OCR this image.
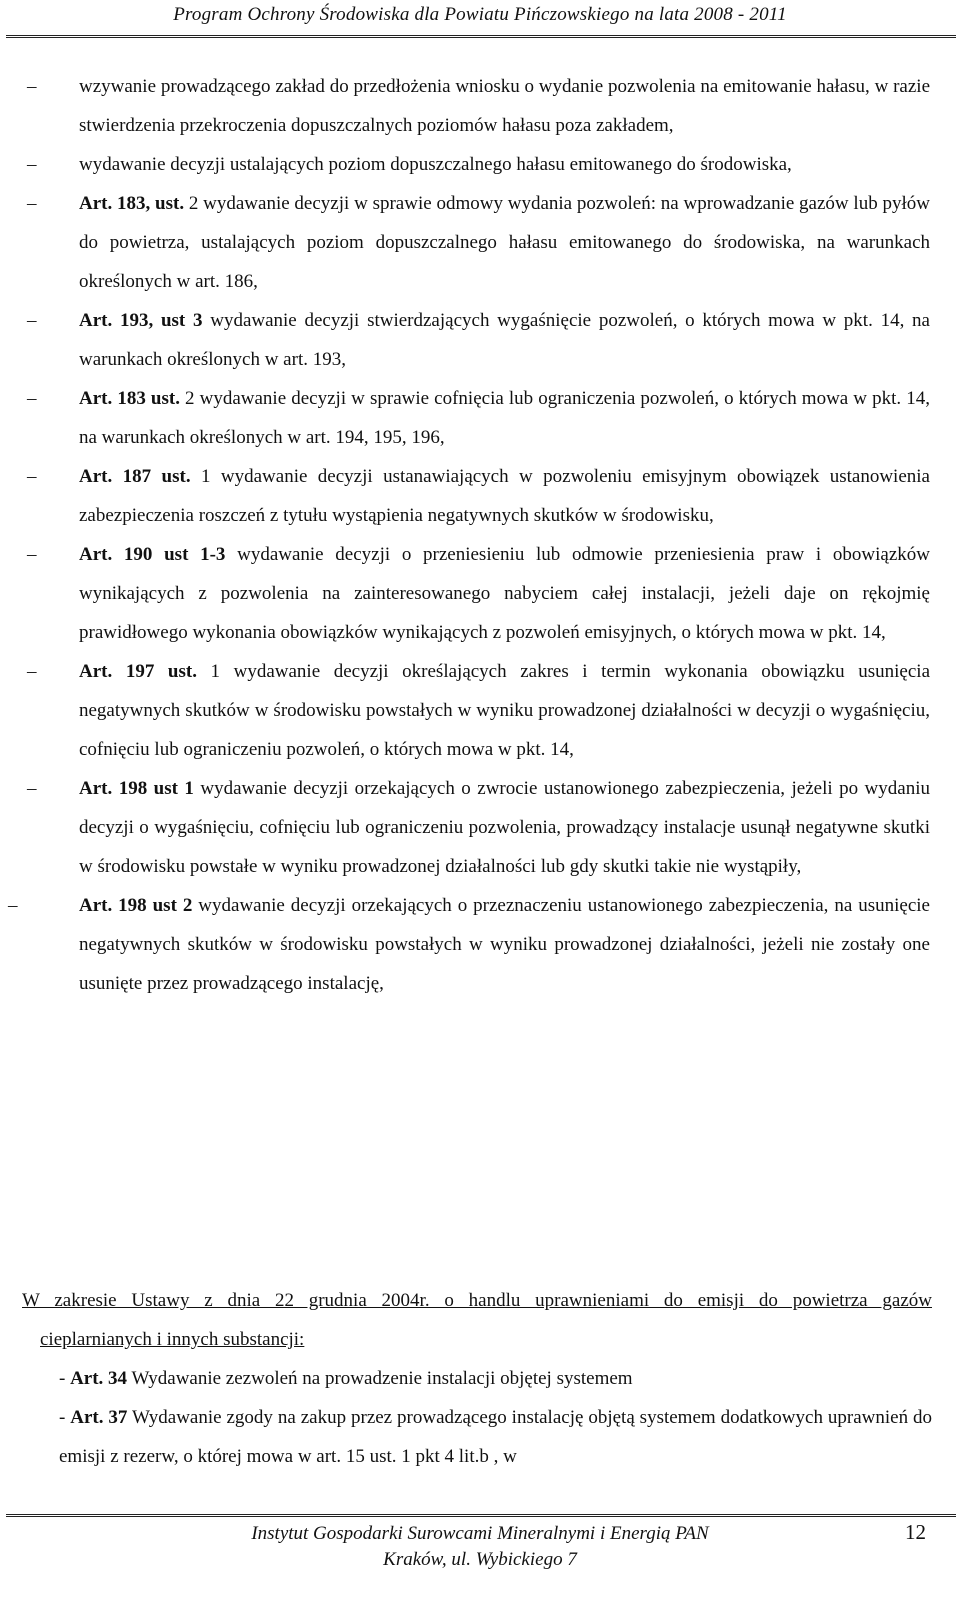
Program Ochrony Środowiska dla Powiatu Pińczowskiego na lata 2008 - 2011
– wzywanie prowadzącego zakład do przedłożenia wniosku o wydanie pozwolenia na emitowanie hałasu, w razie stwierdzenia przekroczenia dopuszczalnych poziomów hałasu poza zakładem,
– wydawanie decyzji ustalających poziom dopuszczalnego hałasu emitowanego do środowiska,
– Art. 183, ust. 2 wydawanie decyzji w sprawie odmowy wydania pozwoleń: na wprowadzanie gazów lub pyłów do powietrza, ustalających poziom dopuszczalnego hałasu emitowanego do środowiska, na warunkach określonych w art. 186,
– Art. 193, ust 3 wydawanie decyzji stwierdzających wygaśnięcie pozwoleń, o których mowa w pkt. 14, na warunkach określonych w art. 193,
– Art. 183 ust. 2 wydawanie decyzji w sprawie cofnięcia lub ograniczenia pozwoleń, o których mowa w pkt. 14, na warunkach określonych w art. 194, 195, 196,
– Art. 187 ust. 1 wydawanie decyzji ustanawiających w pozwoleniu emisyjnym obowiązek ustanowienia zabezpieczenia roszczeń z tytułu wystąpienia negatywnych skutków w środowisku,
– Art. 190 ust 1-3 wydawanie decyzji o przeniesieniu lub odmowie przeniesienia praw i obowiązków wynikających z pozwolenia na zainteresowanego nabyciem całej instalacji, jeżeli daje on rękojmię prawidłowego wykonania obowiązków wynikających z pozwoleń emisyjnych, o których mowa w pkt. 14,
– Art. 197 ust. 1 wydawanie decyzji określających zakres i termin wykonania obowiązku usunięcia negatywnych skutków w środowisku powstałych w wyniku prowadzonej działalności w decyzji o wygaśnięciu, cofnięciu lub ograniczeniu pozwoleń, o których mowa w pkt. 14,
– Art. 198 ust 1 wydawanie decyzji orzekających o zwrocie ustanowionego zabezpieczenia, jeżeli po wydaniu decyzji o wygaśnięciu, cofnięciu lub ograniczeniu pozwolenia, prowadzący instalacje usunął negatywne skutki w środowisku powstałe w wyniku prowadzonej działalności lub gdy skutki takie nie wystąpiły,
–	Art. 198 ust 2 wydawanie decyzji orzekających o przeznaczeniu ustanowionego zabezpieczenia, na usunięcie negatywnych skutków w środowisku powstałych w wyniku prowadzonej działalności, jeżeli nie zostały one usunięte przez prowadzącego instalację,
W zakresie Ustawy z dnia 22 grudnia 2004r. o handlu uprawnieniami do emisji do powietrza gazów
cieplarnianych i innych substancji:
- Art. 34 Wydawanie zezwoleń na prowadzenie instalacji objętej systemem
- Art. 37 Wydawanie zgody na zakup przez prowadzącego instalację objętą systemem dodatkowych uprawnień do emisji z rezerw, o której mowa w art. 15 ust. 1 pkt 4 lit.b , w
Instytut Gospodarki Surowcami Mineralnymi i Energią PAN
Kraków, ul. Wybickiego 7
12
